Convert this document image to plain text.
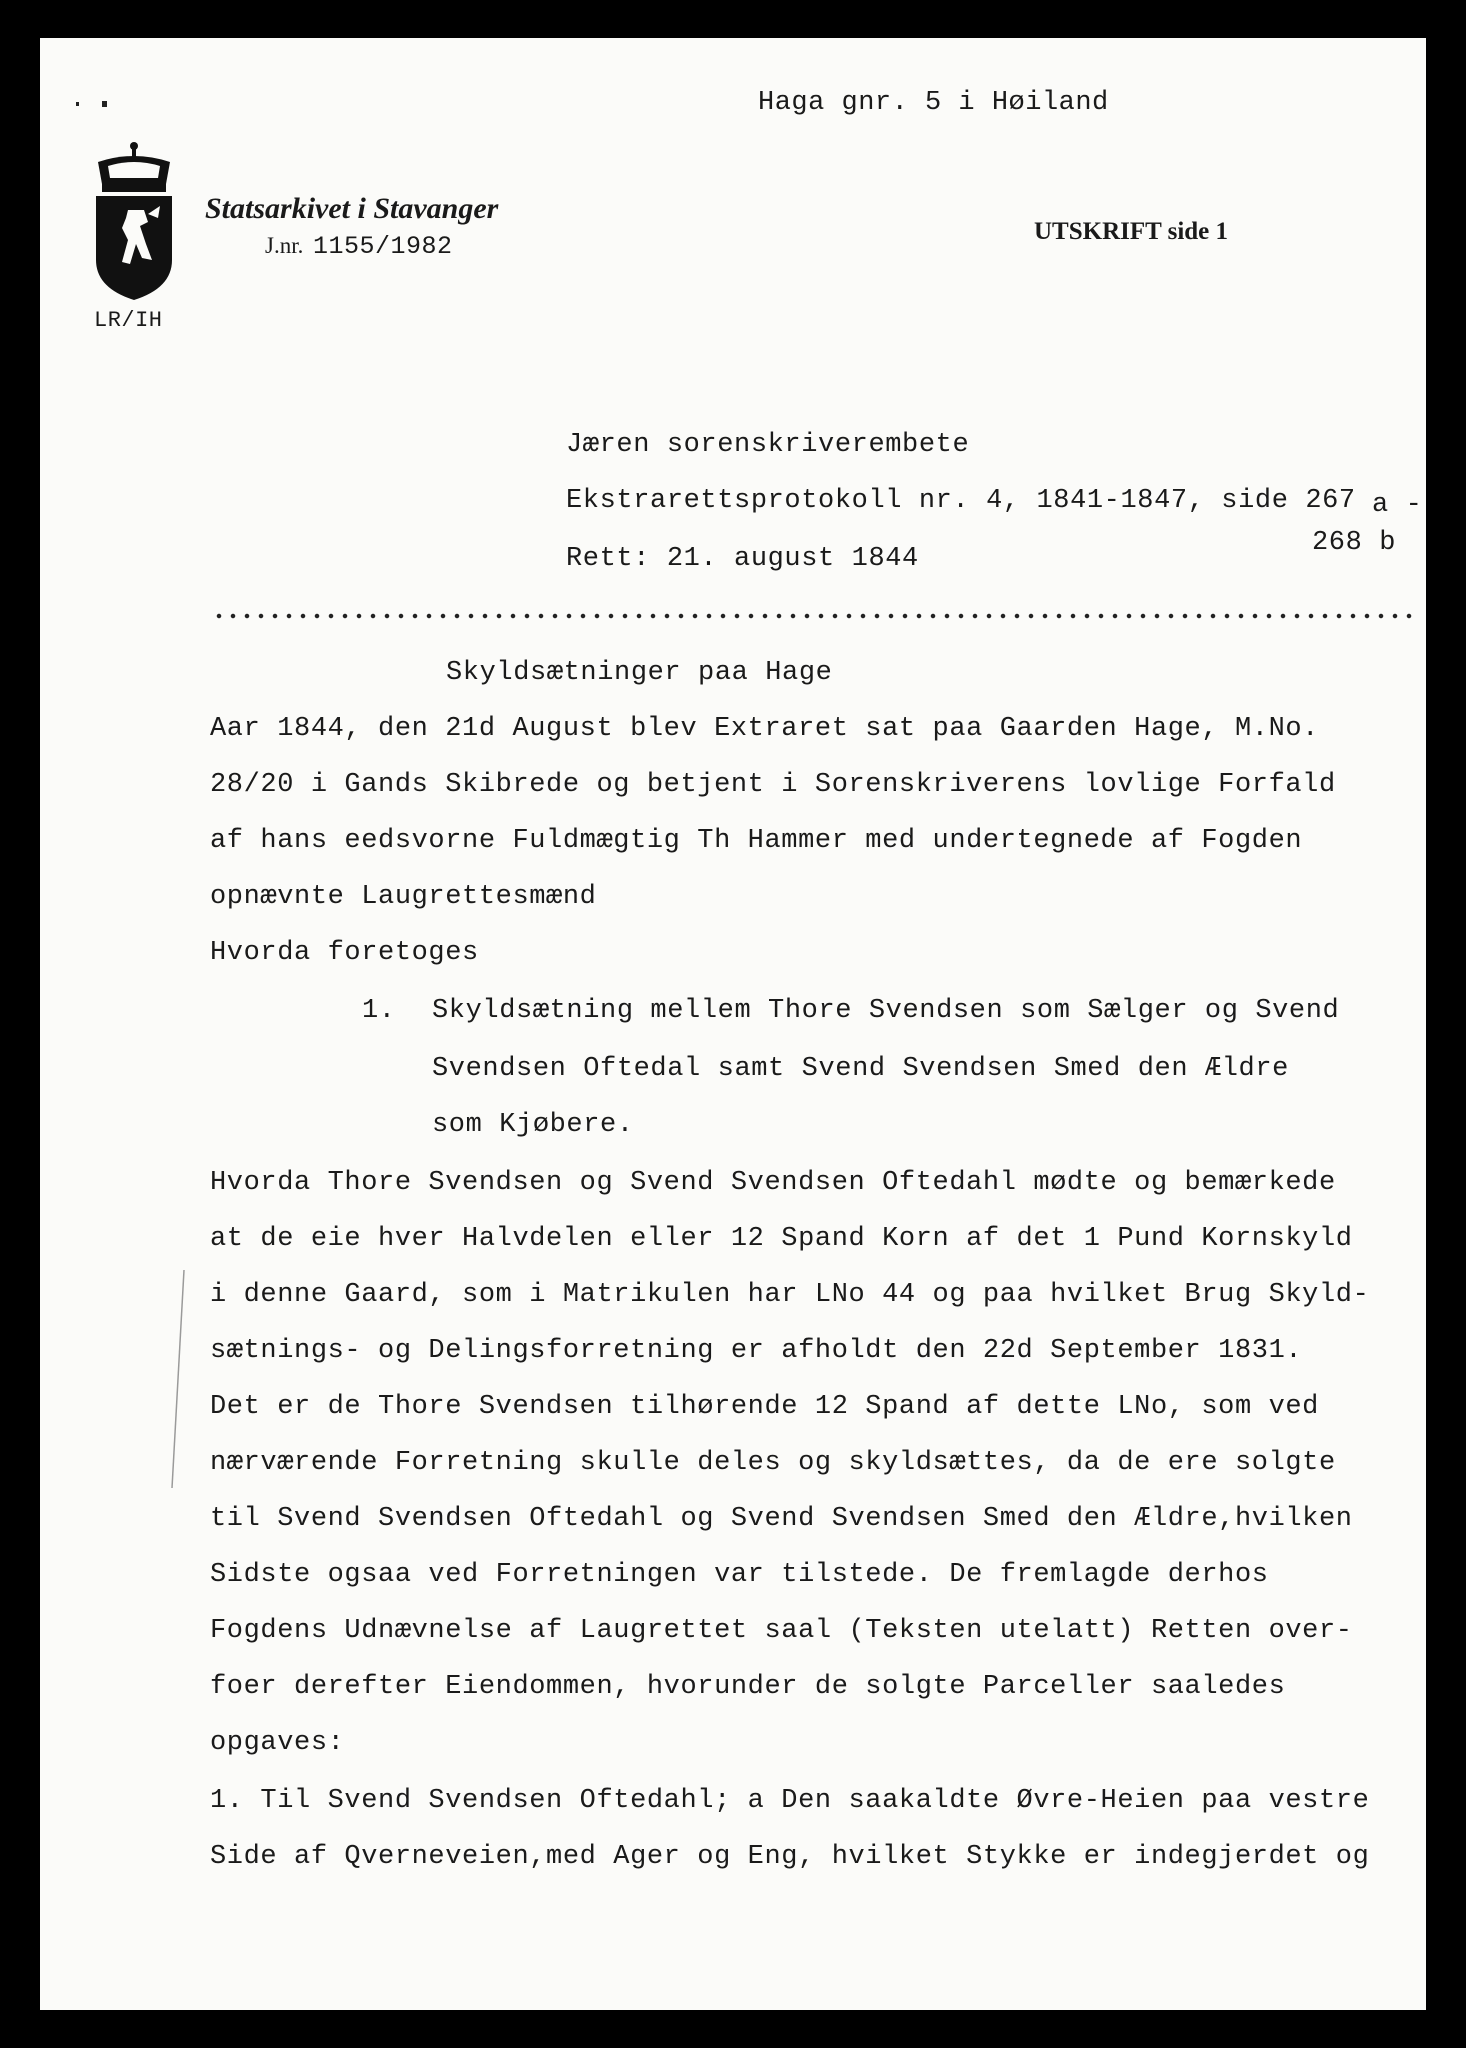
Haga gnr. 5 i Høiland
Statsarkivet i Stavanger
J.nr. 1155/1982
LR/IH
UTSKRIFT side 1
Jæren sorenskriverembete
Ekstrarettsprotokoll nr. 4, 1841-1847, side 267 a -
268 b
Rett: 21. august 1844
Skyldsætninger paa Hage
Aar 1844, den 21d August blev Extraret sat paa Gaarden Hage, M.No.
28/20 i Gands Skibrede og betjent i Sorenskriverens lovlige Forfald
af hans eedsvorne Fuldmægtig Th Hammer med undertegnede af Fogden
opnævnte Laugrettesmænd
Hvorda foretoges
1. Skyldsætning mellem Thore Svendsen som Sælger og Svend
Svendsen Oftedal samt Svend Svendsen Smed den Ældre
som Kjøbere.
Hvorda Thore Svendsen og Svend Svendsen Oftedahl mødte og bemærkede
at de eie hver Halvdelen eller 12 Spand Korn af det 1 Pund Kornskyld
i denne Gaard, som i Matrikulen har LNo 44 og paa hvilket Brug Skyld-
sætnings- og Delingsforretning er afholdt den 22d September 1831.
Det er de Thore Svendsen tilhørende 12 Spand af dette LNo, som ved
nærværende Forretning skulle deles og skyldsættes, da de ere solgte
til Svend Svendsen Oftedahl og Svend Svendsen Smed den Ældre,hvilken
Sidste ogsaa ved Forretningen var tilstede. De fremlagde derhos
Fogdens Udnævnelse af Laugrettet saal (Teksten utelatt) Retten over-
foer derefter Eiendommen, hvorunder de solgte Parceller saaledes
opgaves:
1. Til Svend Svendsen Oftedahl; a Den saakaldte Øvre-Heien paa vestre
Side af Qverneveien,med Ager og Eng, hvilket Stykke er indegjerdet og
